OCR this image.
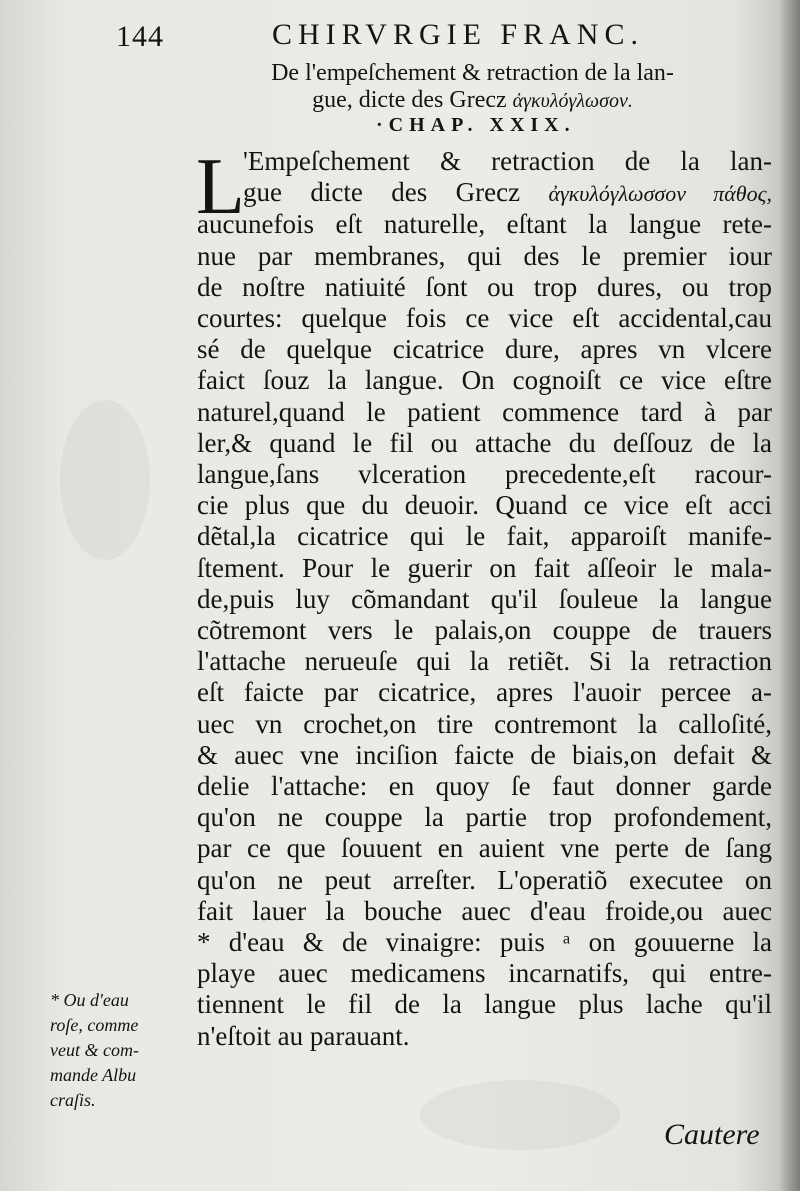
144	CHIRVRGIE FRANC.
De l'empeſchement & retraction de la lan-
gue, dicte des Grecz ἀγκυλόγλωσον.
·CHAP. XXIX.
L
'Empeſchement & retraction de la lan-
gue dicte des Grecz ἀγκυλόγλωσσον πάθος,
aucunefois eſt naturelle, eſtant la langue rete-
nue par membranes, qui des le premier iour
de noſtre natiuité ſont ou trop dures, ou trop
courtes: quelque fois ce vice eſt accidental,cau
sé de quelque cicatrice dure, apres vn vlcere
faict ſouz la langue. On cognoiſt ce vice eſtre
naturel,quand le patient commence tard à par
ler,& quand le fil ou attache du deſſouz de la
langue,ſans vlceration precedente,eſt racour-
cie plus que du deuoir. Quand ce vice eſt acci
dẽtal,la cicatrice qui le fait, apparoiſt manife-
ſtement. Pour le guerir on fait aſſeoir le mala-
de,puis luy cõmandant qu'il ſouleue la langue
cõtremont vers le palais,on couppe de trauers
l'attache nerueuſe qui la retiẽt. Si la retraction
eſt faicte par cicatrice, apres l'auoir percee a-
uec vn crochet,on tire contremont la calloſité,
& auec vne inciſion faicte de biais,on defait &
delie l'attache: en quoy ſe faut donner garde
qu'on ne couppe la partie trop profondement,
par ce que ſouuent en auient vne perte de ſang
qu'on ne peut arreſter. L'operatiõ executee on
fait lauer la bouche auec d'eau froide,ou auec
* d'eau & de vinaigre: puis ᵃ on gouuerne la
playe auec medicamens incarnatifs, qui entre-
tiennent le fil de la langue plus lache qu'il
n'eſtoit au parauant.
* Ou d'eau
roſe, comme
veut & com-
mande Albu
craſis.
Cautere
